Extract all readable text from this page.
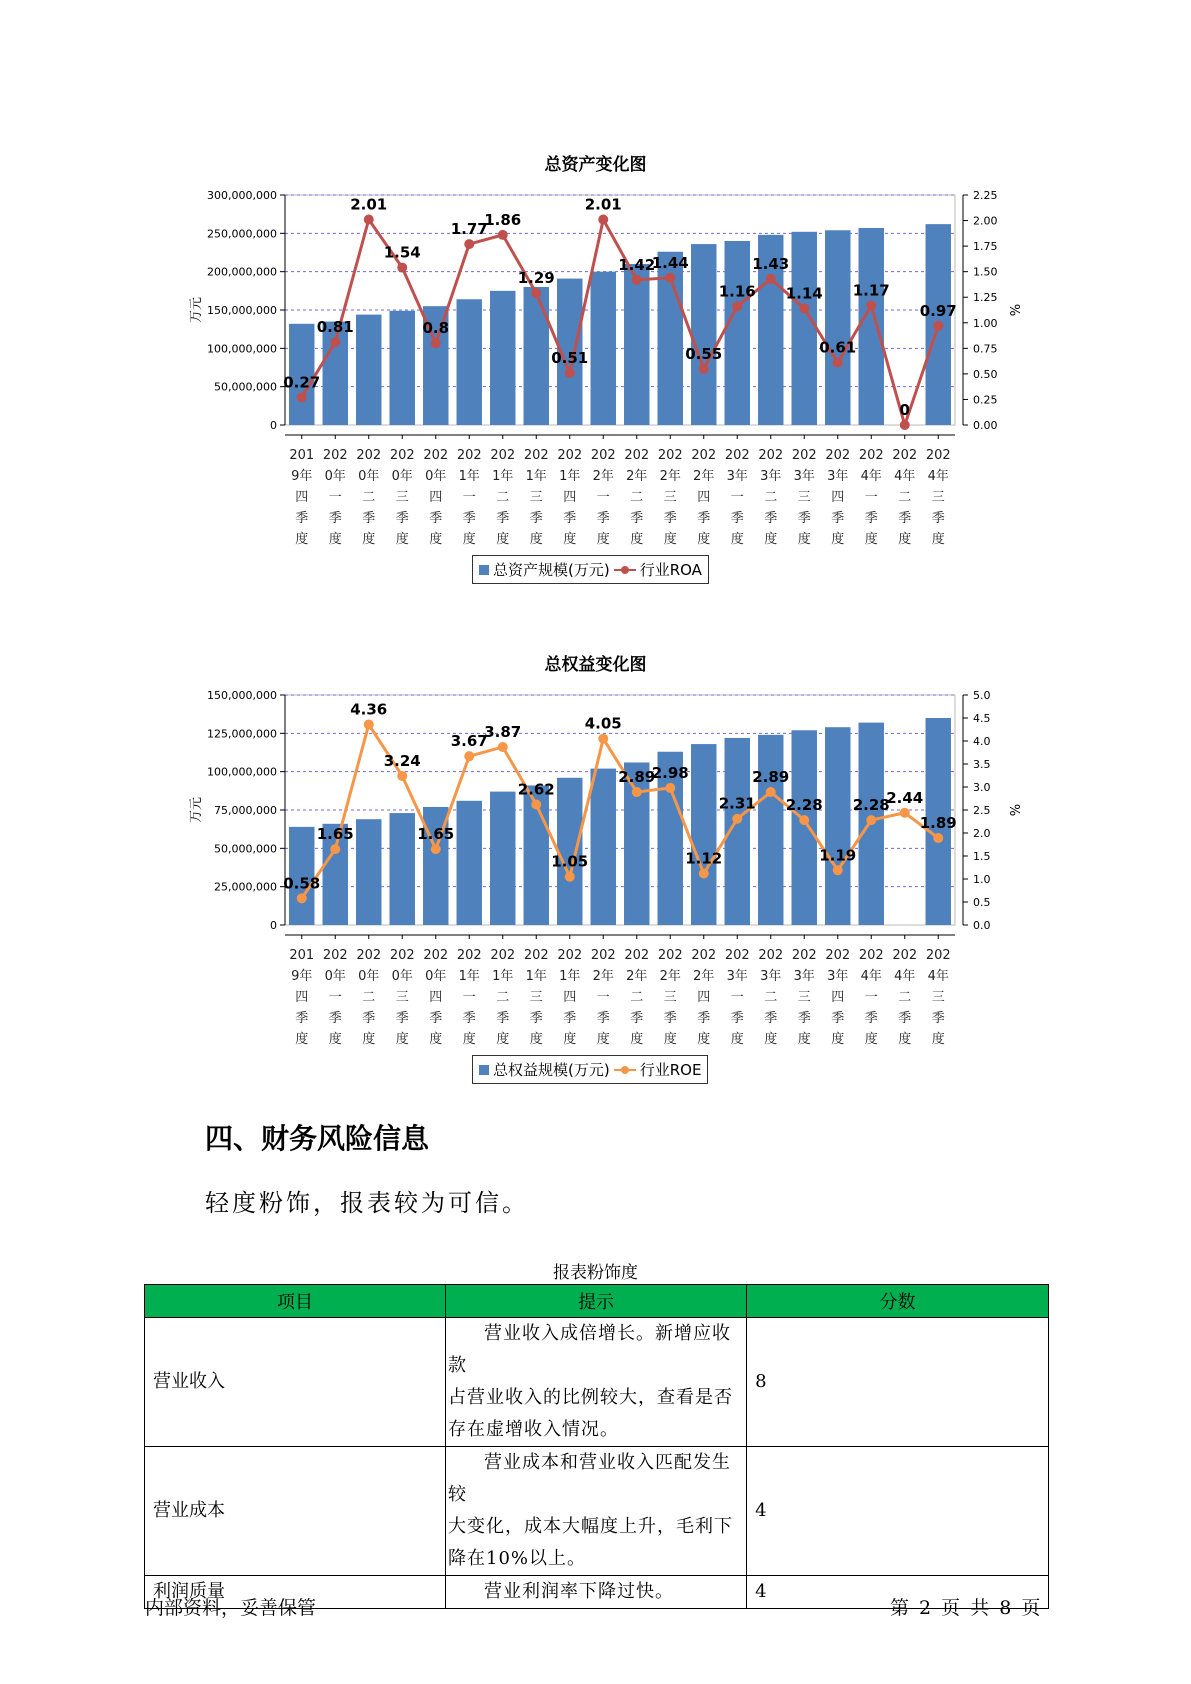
总资产变化图
0
50,000,000
100,000,000
150,000,000
200,000,000
250,000,000
300,000,000
0.00
0.25
0.50
0.75
1.00
1.25
1.50
1.75
2.00
2.25
万元	%
201
9年
四
季
度
202
0年
一
季
度
202
0年
二
季
度
202
0年
三
季
度
202
0年
四
季
度
202
1年
一
季
度
202
1年
二
季
度
202
1年
三
季
度
202
1年
四
季
度
202
2年
一
季
度
202
2年
二
季
度
202
2年
三
季
度
202
2年
四
季
度
202
3年
一
季
度
202
3年
二
季
度
202
3年
三
季
度
202
3年
四
季
度
202
4年
一
季
度
202
4年
二
季
度
202
4年
三
季
度
0.27
0.81
2.01
1.54
0.8
1.77
1.86
1.29
0.51
2.01
1.42
1.44
0.55
1.16
1.43
1.14
0.61
1.17
0
0.97
总资产规模(万元) 行业ROA
总权益变化图
0
25,000,000
50,000,000
75,000,000
100,000,000
125,000,000
150,000,000
0.0
0.5
1.0
1.5
2.0
2.5
3.0
3.5
4.0
4.5
5.0
万元	%
201
9年
四
季
度
202
0年
一
季
度
202
0年
二
季
度
202
0年
三
季
度
202
0年
四
季
度
202
1年
一
季
度
202
1年
二
季
度
202
1年
三
季
度
202
1年
四
季
度
202
2年
一
季
度
202
2年
二
季
度
202
2年
三
季
度
202
2年
四
季
度
202
3年
一
季
度
202
3年
二
季
度
202
3年
三
季
度
202
3年
四
季
度
202
4年
一
季
度
202
4年
二
季
度
202
4年
三
季
度
0.58
1.65
4.36
3.24
1.65
3.67
3.87
2.62
1.05
4.05
2.89
2.98
1.12
2.31
2.89
2.28
1.19
2.28
2.44
1.89
总权益规模(万元) 行业ROE
四、财务风险信息
轻度粉饰，报表较为可信。
报表粉饰度
项目	提示	分数
营业收入	营业收入成倍增长。新增应收款
占营业收入的比例较大，查看是否
存在虚增收入情况。	8
营业成本	营业成本和营业收入匹配发生较
大变化，成本大幅度上升，毛利下
降在10%以上。	4
利润质量	营业利润率下降过快。	4
内部资料，妥善保管	第 2 页 共 8 页
